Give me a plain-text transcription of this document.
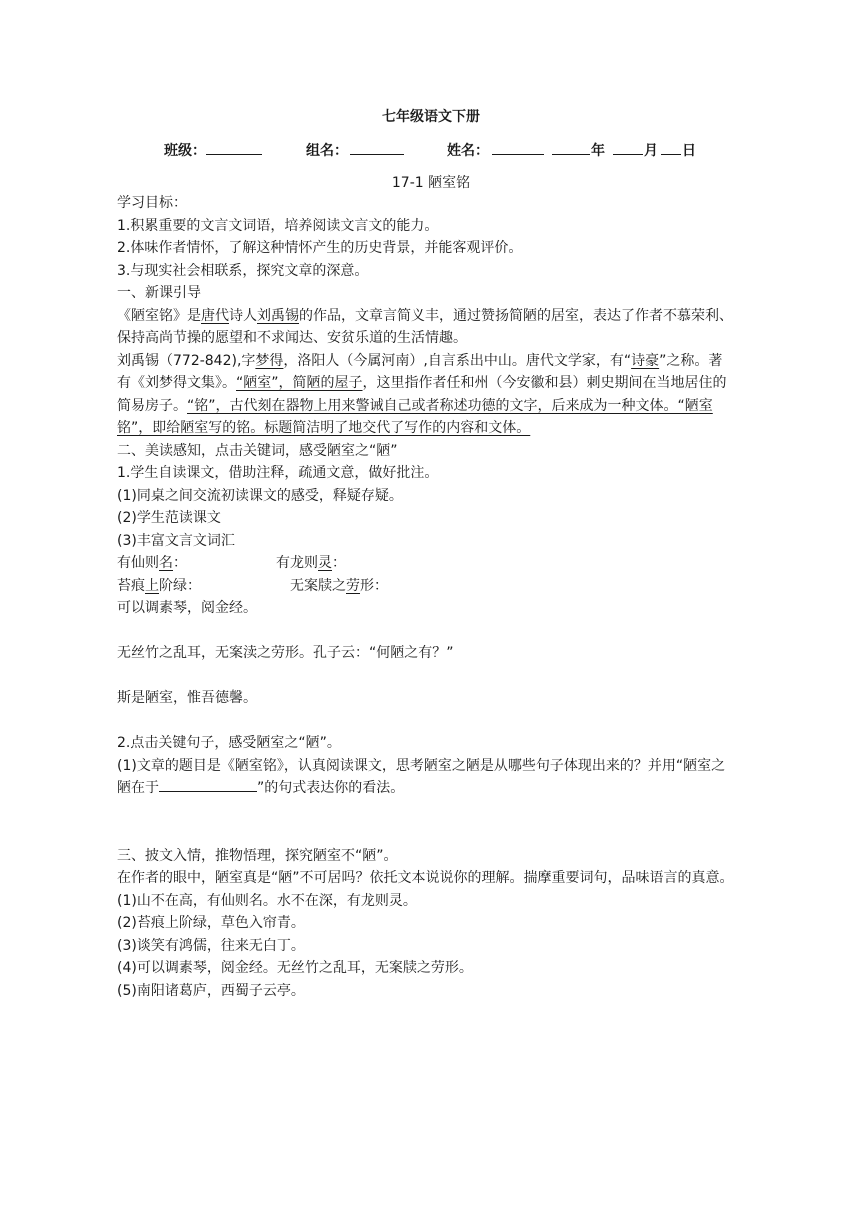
七年级语文下册
班级：	组名：	姓名：	年	月 日
17-1 陋室铭

学习目标：

1.积累重要的文言文词语，培养阅读文言文的能力。

2.体味作者情怀，了解这种情怀产生的历史背景，并能客观评价。

3.与现实社会相联系，探究文章的深意。

一、新课引导

《陋室铭》是唐代诗人刘禹锡的作品，文章言简义丰，通过赞扬简陋的居室，表达了作者不慕荣利、保持高尚节操的愿望和不求闻达、安贫乐道的生活情趣。

刘禹锡（772-842),字梦得，洛阳人（今属河南）,自言系出中山。唐代文学家，有“诗豪”之称。著有《刘梦得文集》。“陋室”，简陋的屋子，这里指作者任和州（今安徽和县）刺史期间在当地居住的简易房子。“铭”，古代刻在器物上用来警诫自己或者称述功德的文字，后来成为一种文体。“陋室铭”，即给陋室写的铭。标题简洁明了地交代了写作的内容和文体。

二、美读感知，点击关键词，感受陋室之“陋”

1.学生自读课文，借助注释，疏通文意，做好批注。

(1)同桌之间交流初读课文的感受，释疑存疑。

(2)学生范读课文

(3)丰富文言文词汇

有仙则名：	有龙则灵：
苔痕上阶绿：	无案牍之劳形：

可以调素琴，阅金经。

无丝竹之乱耳，无案渎之劳形。孔子云：“何陋之有？”

斯是陋室，惟吾德馨。

2.点击关键句子，感受陋室之“陋”。

(1)文章的题目是《陋室铭》，认真阅读课文，思考陋室之陋是从哪些句子体现出来的？并用“陋室之陋在于	”的句式表达你的看法。

三、披文入情，推物悟理，探究陋室不“陋”。

在作者的眼中，陋室真是“陋”不可居吗？依托文本说说你的理解。揣摩重要词句，品味语言的真意。

(1)山不在高，有仙则名。水不在深，有龙则灵。

(2)苔痕上阶绿，草色入帘青。

(3)谈笑有鸿儒，往来无白丁。

(4)可以调素琴，阅金经。无丝竹之乱耳，无案牍之劳形。

(5)南阳诸葛庐，西蜀子云亭。
